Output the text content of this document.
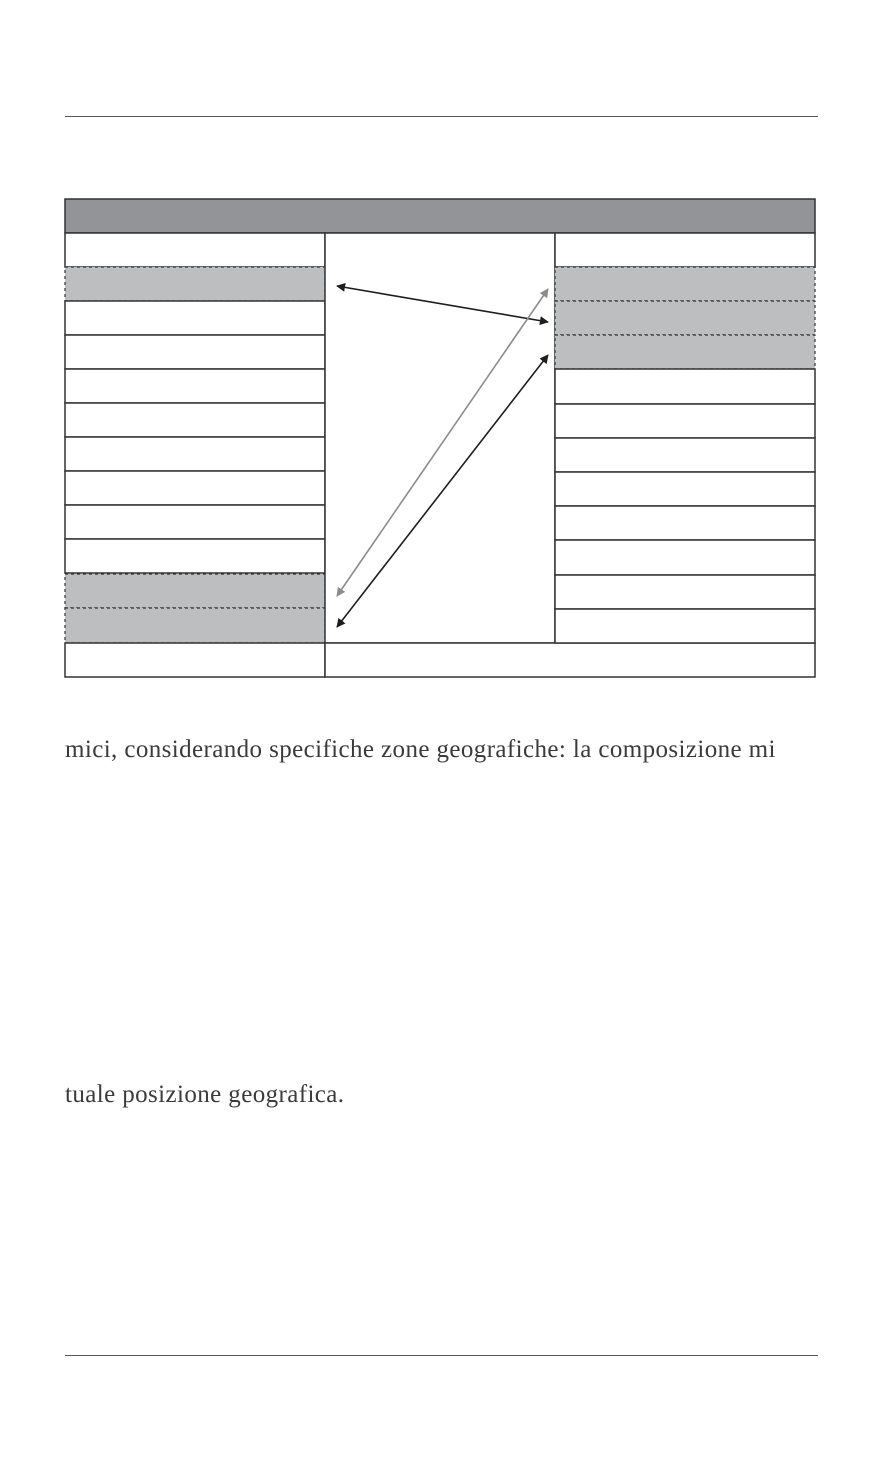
mici, considerando specifiche zone geografiche: la composizione mi

tuale posizione geografica.
